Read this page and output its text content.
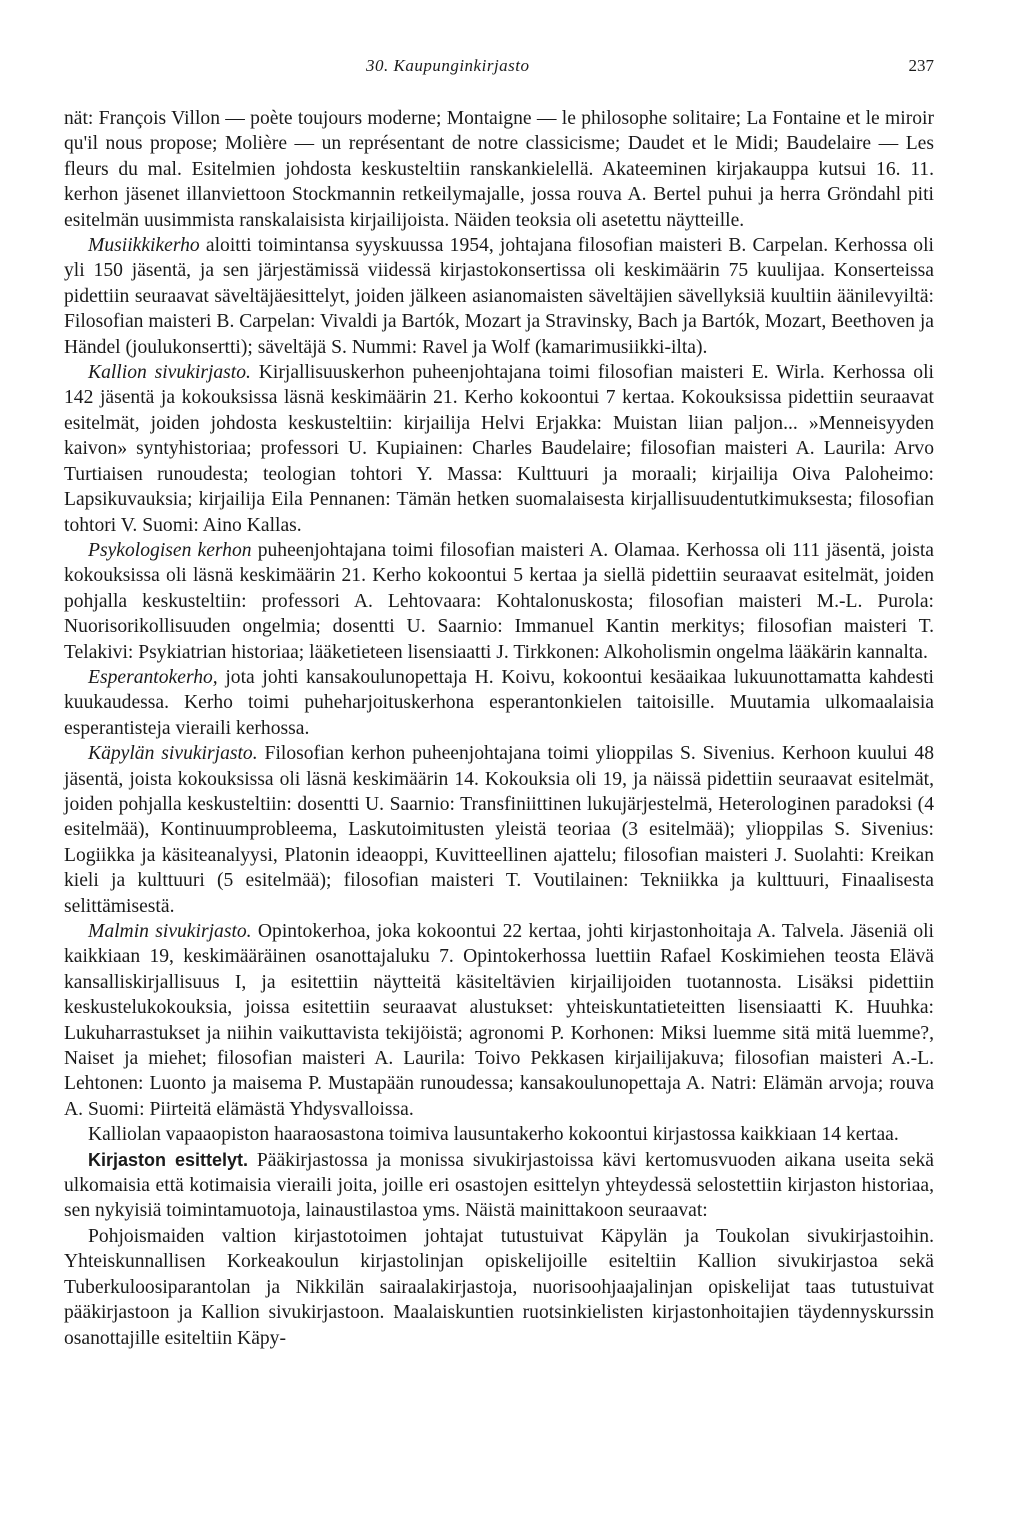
30. Kaupunginkirjasto	237

nät: François Villon — poète toujours moderne; Montaigne — le philosophe solitaire; La Fontaine et le miroir qu'il nous propose; Molière — un représentant de notre classicisme; Daudet et le Midi; Baudelaire — Les fleurs du mal. Esitelmien johdosta keskusteltiin ranskankielellä. Akateeminen kirjakauppa kutsui 16. 11. kerhon jäsenet illanviettoon Stockmannin retkeilymajalle, jossa rouva A. Bertel puhui ja herra Gröndahl piti esitelmän uusimmista ranskalaisista kirjailijoista. Näiden teoksia oli asetettu näytteille.

Musiikkikerho aloitti toimintansa syyskuussa 1954, johtajana filosofian maisteri B. Carpelan. Kerhossa oli yli 150 jäsentä, ja sen järjestämissä viidessä kirjastokonsertissa oli keskimäärin 75 kuulijaa. Konserteissa pidettiin seuraavat säveltäjäesittelyt, joiden jälkeen asianomaisten säveltäjien sävellyksiä kuultiin äänilevyiltä: Filosofian maisteri B. Carpelan: Vivaldi ja Bartók, Mozart ja Stravinsky, Bach ja Bartók, Mozart, Beethoven ja Händel (joulukonsertti); säveltäjä S. Nummi: Ravel ja Wolf (kamarimusiikki-ilta).

Kallion sivukirjasto. Kirjallisuuskerhon puheenjohtajana toimi filosofian maisteri E. Wirla. Kerhossa oli 142 jäsentä ja kokouksissa läsnä keskimäärin 21. Kerho kokoontui 7 kertaa. Kokouksissa pidettiin seuraavat esitelmät, joiden johdosta keskusteltiin: kirjailija Helvi Erjakka: Muistan liian paljon... »Menneisyyden kaivon» syntyhistoriaa; professori U. Kupiainen: Charles Baudelaire; filosofian maisteri A. Laurila: Arvo Turtiaisen runoudesta; teologian tohtori Y. Massa: Kulttuuri ja moraali; kirjailija Oiva Paloheimo: Lapsikuvauksia; kirjailija Eila Pennanen: Tämän hetken suomalaisesta kirjallisuudentutkimuksesta; filosofian tohtori V. Suomi: Aino Kallas.

Psykologisen kerhon puheenjohtajana toimi filosofian maisteri A. Olamaa. Kerhossa oli 111 jäsentä, joista kokouksissa oli läsnä keskimäärin 21. Kerho kokoontui 5 kertaa ja siellä pidettiin seuraavat esitelmät, joiden pohjalla keskusteltiin: professori A. Lehtovaara: Kohtalonuskosta; filosofian maisteri M.-L. Purola: Nuorisorikollisuuden ongelmia; dosentti U. Saarnio: Immanuel Kantin merkitys; filosofian maisteri T. Telakivi: Psykiatrian historiaa; lääketieteen lisensiaatti J. Tirkkonen: Alkoholismin ongelma lääkärin kannalta.

Esperantokerho, jota johti kansakoulunopettaja H. Koivu, kokoontui kesäaikaa lukuunottamatta kahdesti kuukaudessa. Kerho toimi puheharjoituskerhona esperantonkielen taitoisille. Muutamia ulkomaalaisia esperantisteja vieraili kerhossa.

Käpylän sivukirjasto. Filosofian kerhon puheenjohtajana toimi ylioppilas S. Sivenius. Kerhoon kuului 48 jäsentä, joista kokouksissa oli läsnä keskimäärin 14. Kokouksia oli 19, ja näissä pidettiin seuraavat esitelmät, joiden pohjalla keskusteltiin: dosentti U. Saarnio: Transfiniittinen lukujärjestelmä, Heterologinen paradoksi (4 esitelmää), Kontinuumprobleema, Laskutoimitusten yleistä teoriaa (3 esitelmää); ylioppilas S. Sivenius: Logiikka ja käsiteanalyysi, Platonin ideaoppi, Kuvitteellinen ajattelu; filosofian maisteri J. Suolahti: Kreikan kieli ja kulttuuri (5 esitelmää); filosofian maisteri T. Voutilainen: Tekniikka ja kulttuuri, Finaalisesta selittämisestä.

Malmin sivukirjasto. Opintokerhoa, joka kokoontui 22 kertaa, johti kirjastonhoitaja A. Talvela. Jäseniä oli kaikkiaan 19, keskimääräinen osanottajaluku 7. Opintokerhossa luettiin Rafael Koskimiehen teosta Elävä kansalliskirjallisuus I, ja esitettiin näytteitä käsiteltävien kirjailijoiden tuotannosta. Lisäksi pidettiin keskustelukokouksia, joissa esitettiin seuraavat alustukset: yhteiskuntatieteitten lisensiaatti K. Huuhka: Lukuharrastukset ja niihin vaikuttavista tekijöistä; agronomi P. Korhonen: Miksi luemme sitä mitä luemme?, Naiset ja miehet; filosofian maisteri A. Laurila: Toivo Pekkasen kirjailijakuva; filosofian maisteri A.-L. Lehtonen: Luonto ja maisema P. Mustapään runoudessa; kansakoulunopettaja A. Natri: Elämän arvoja; rouva A. Suomi: Piirteitä elämästä Yhdysvalloissa.

Kalliolan vapaaopiston haaraosastona toimiva lausuntakerho kokoontui kirjastossa kaikkiaan 14 kertaa.

Kirjaston esittelyt. Pääkirjastossa ja monissa sivukirjastoissa kävi kertomusvuoden aikana useita sekä ulkomaisia että kotimaisia vieraili joita, joille eri osastojen esittelyn yhteydessä selostettiin kirjaston historiaa, sen nykyisiä toimintamuotoja, lainaustilastoa yms. Näistä mainittakoon seuraavat:

Pohjoismaiden valtion kirjastotoimen johtajat tutustuivat Käpylän ja Toukolan sivukirjastoihin. Yhteiskunnallisen Korkeakoulun kirjastolinjan opiskelijoille esiteltiin Kallion sivukirjastoa sekä Tuberkuloosiparantolan ja Nikkilän sairaalakirjastoja, nuorisoohjaajalinjan opiskelijat taas tutustuivat pääkirjastoon ja Kallion sivukirjastoon. Maalaiskuntien ruotsinkielisten kirjastonhoitajien täydennyskurssin osanottajille esiteltiin Käpy-
